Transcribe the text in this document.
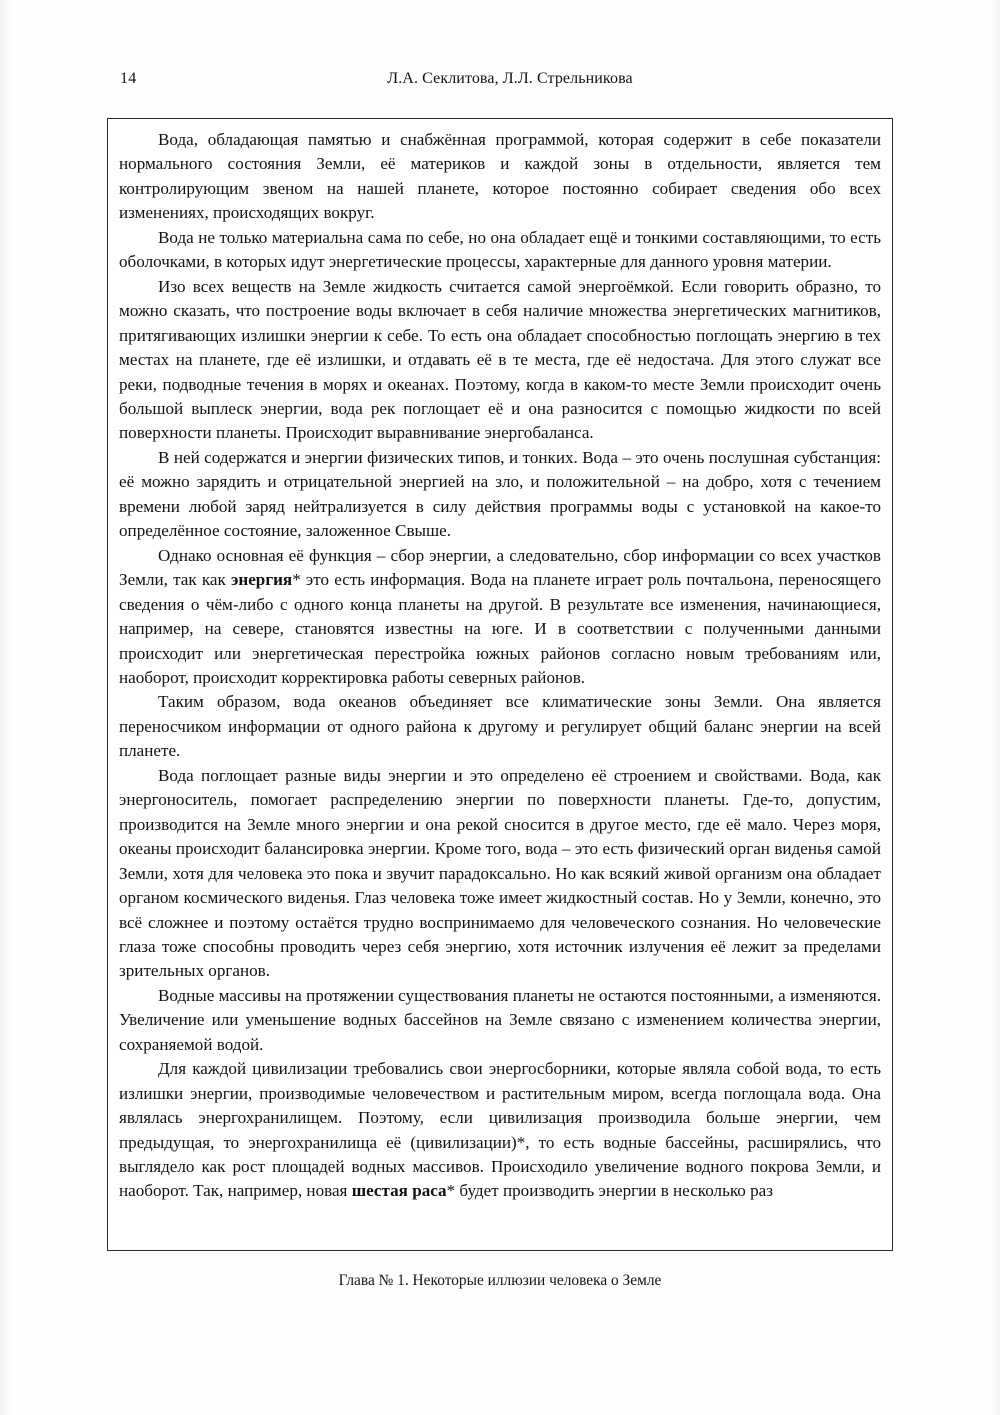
14	Л.А. Секлитова, Л.Л. Стрельникова

Вода, обладающая памятью и снабжённая программой, которая содержит в себе показатели нормального состояния Земли, её материков и каждой зоны в отдельности, является тем контролирующим звеном на нашей планете, которое постоянно собирает сведения обо всех изменениях, происходящих вокруг.

Вода не только материальна сама по себе, но она обладает ещё и тонкими составляющими, то есть оболочками, в которых идут энергетические процессы, характерные для данного уровня материи.

Изо всех веществ на Земле жидкость считается самой энергоёмкой. Если говорить образно, то можно сказать, что построение воды включает в себя наличие множества энергетических магнитиков, притягивающих излишки энергии к себе. То есть она обладает способностью поглощать энергию в тех местах на планете, где её излишки, и отдавать её в те места, где её недостача. Для этого служат все реки, подводные течения в морях и океанах. Поэтому, когда в каком-то месте Земли происходит очень большой выплеск энергии, вода рек поглощает её и она разносится с помощью жидкости по всей поверхности планеты. Происходит выравнивание энергобаланса.

В ней содержатся и энергии физических типов, и тонких. Вода – это очень послушная субстанция: её можно зарядить и отрицательной энергией на зло, и положительной – на добро, хотя с течением времени любой заряд нейтрализуется в силу действия программы воды с установкой на какое-то определённое состояние, заложенное Свыше.

Однако основная её функция – сбор энергии, а следовательно, сбор информации со всех участков Земли, так как энергия* это есть информация. Вода на планете играет роль почтальона, переносящего сведения о чём-либо с одного конца планеты на другой. В результате все изменения, начинающиеся, например, на севере, становятся известны на юге. И в соответствии с полученными данными происходит или энергетическая перестройка южных районов согласно новым требованиям или, наоборот, происходит корректировка работы северных районов.

Таким образом, вода океанов объединяет все климатические зоны Земли. Она является переносчиком информации от одного района к другому и регулирует общий баланс энергии на всей планете.

Вода поглощает разные виды энергии и это определено её строением и свойствами. Вода, как энергоноситель, помогает распределению энергии по поверхности планеты. Где-то, допустим, производится на Земле много энергии и она рекой сносится в другое место, где её мало. Через моря, океаны происходит балансировка энергии. Кроме того, вода – это есть физический орган виденья самой Земли, хотя для человека это пока и звучит парадоксально. Но как всякий живой организм она обладает органом космического виденья. Глаз человека тоже имеет жидкостный состав. Но у Земли, конечно, это всё сложнее и поэтому остаётся трудно воспринимаемо для человеческого сознания. Но человеческие глаза тоже способны проводить через себя энергию, хотя источник излучения её лежит за пределами зрительных органов.

Водные массивы на протяжении существования планеты не остаются постоянными, а изменяются. Увеличение или уменьшение водных бассейнов на Земле связано с изменением количества энергии, сохраняемой водой.

Для каждой цивилизации требовались свои энергосборники, которые являла собой вода, то есть излишки энергии, производимые человечеством и растительным миром, всегда поглощала вода. Она являлась энергохранилищем. Поэтому, если цивилизация производила больше энергии, чем предыдущая, то энергохранилища её (цивилизации)*, то есть водные бассейны, расширялись, что выглядело как рост площадей водных массивов. Происходило увеличение водного покрова Земли, и наоборот. Так, например, новая шестая раса* будет производить энергии в несколько раз

Глава № 1. Некоторые иллюзии человека о Земле
